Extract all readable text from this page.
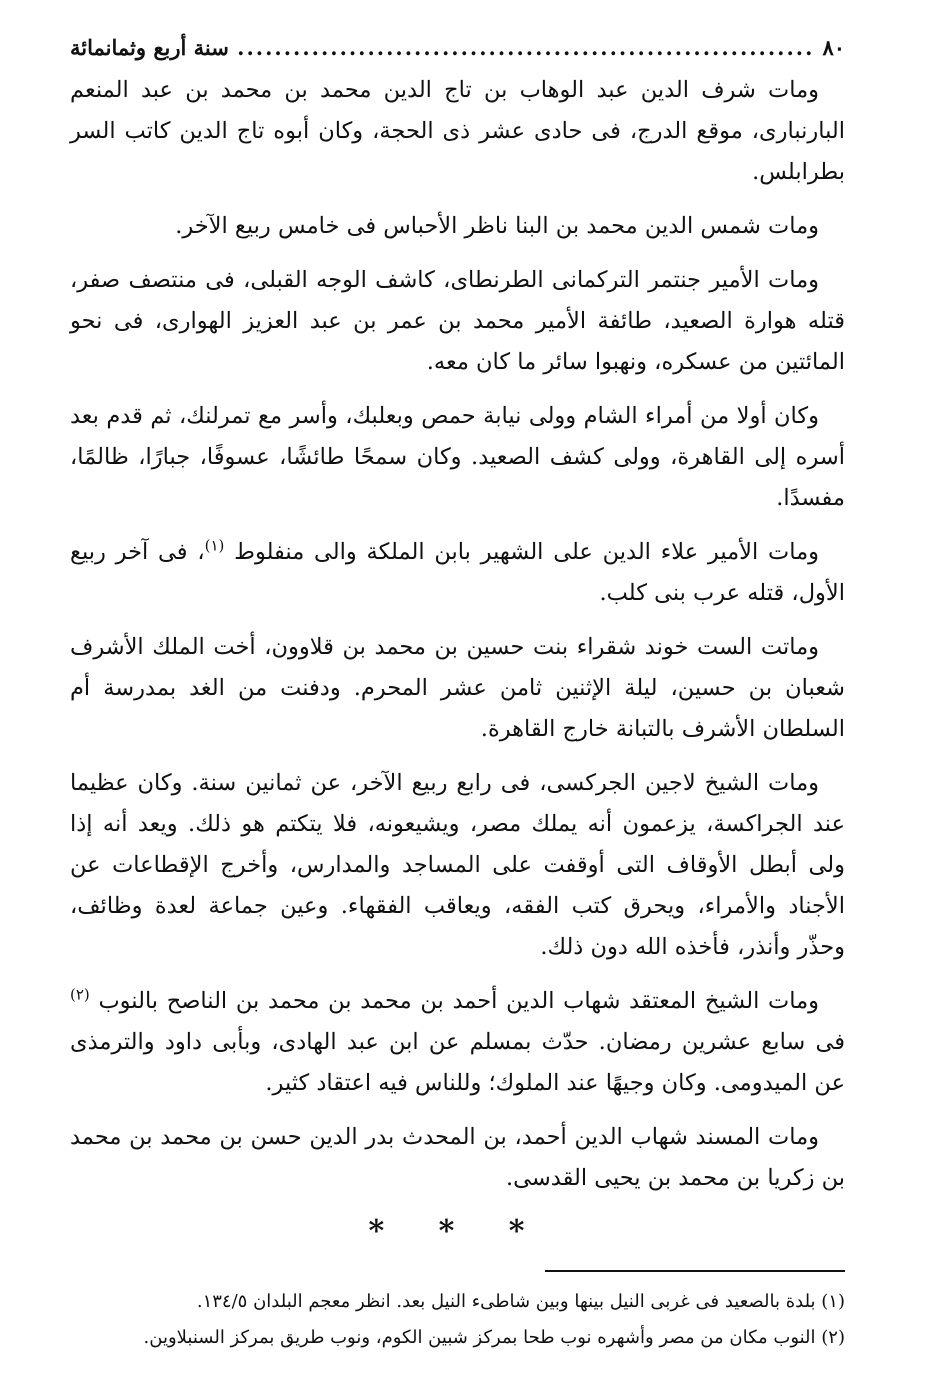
٨٠
.....
سنة أربع وثمانمائة

ومات شرف الدين عبد الوهاب بن تاج الدين محمد بن محمد بن عبد المنعم البارنبارى، موقع الدرج، فى حادى عشر ذى الحجة، وكان أبوه تاج الدين كاتب السر بطرابلس.

ومات شمس الدين محمد بن البنا ناظر الأحباس فى خامس ربيع الآخر.

ومات الأمير جنتمر التركمانى الطرنطاى، كاشف الوجه القبلى، فى منتصف صفر، قتله هوارة الصعيد، طائفة الأمير محمد بن عمر بن عبد العزيز الهوارى، فى نحو المائتين من عسكره، ونهبوا سائر ما كان معه.

وكان أولا من أمراء الشام وولى نيابة حمص وبعلبك، وأسر مع تمرلنك، ثم قدم بعد أسره إلى القاهرة، وولى كشف الصعيد. وكان سمحًا طائشًا، عسوفًا، جبارًا، ظالمًا، مفسدًا.

ومات الأمير علاء الدين على الشهير بابن الملكة والى منفلوط $^{(١)}$، فى آخر ربيع الأول، قتله عرب بنى كلب.

وماتت الست خوند شقراء بنت حسين بن محمد بن قلاوون، أخت الملك الأشرف شعبان بن حسين، ليلة الإثنين ثامن عشر المحرم. ودفنت من الغد بمدرسة أم السلطان الأشرف بالتبانة خارج القاهرة.

ومات الشيخ لاجين الجركسى، فى رابع ربيع الآخر، عن ثمانين سنة. وكان عظيما عند الجراكسة، يزعمون أنه يملك مصر، ويشيعونه، فلا يتكتم هو ذلك. ويعد أنه إذا ولى أبطل الأوقاف التى أوقفت على المساجد والمدارس، وأخرج الإقطاعات عن الأجناد والأمراء، ويحرق كتب الفقه، ويعاقب الفقهاء. وعين جماعة لعدة وظائف، وحذّر وأنذر، فأخذه الله دون ذلك.

ومات الشيخ المعتقد شهاب الدين أحمد بن محمد بن محمد بن الناصح بالنوب $^{(٢)}$ فى سابع عشرين رمضان. حدّث بمسلم عن ابن عبد الهادى، وبأبى داود والترمذى عن الميدومى. وكان وجيهًا عند الملوك؛ وللناس فيه اعتقاد كثير.

ومات المسند شهاب الدين أحمد، بن المحدث بدر الدين حسن بن محمد بن محمد بن زكريا بن محمد بن يحيى القدسى.

* * *

(١) بلدة بالصعيد فى غربى النيل بينها وبين شاطىء النيل بعد. انظر معجم البلدان ١٣٤/٥.

(٢) النوب مكان من مصر وأشهره نوب طحا بمركز شبين الكوم، ونوب طريق بمركز السنبلاوين.
